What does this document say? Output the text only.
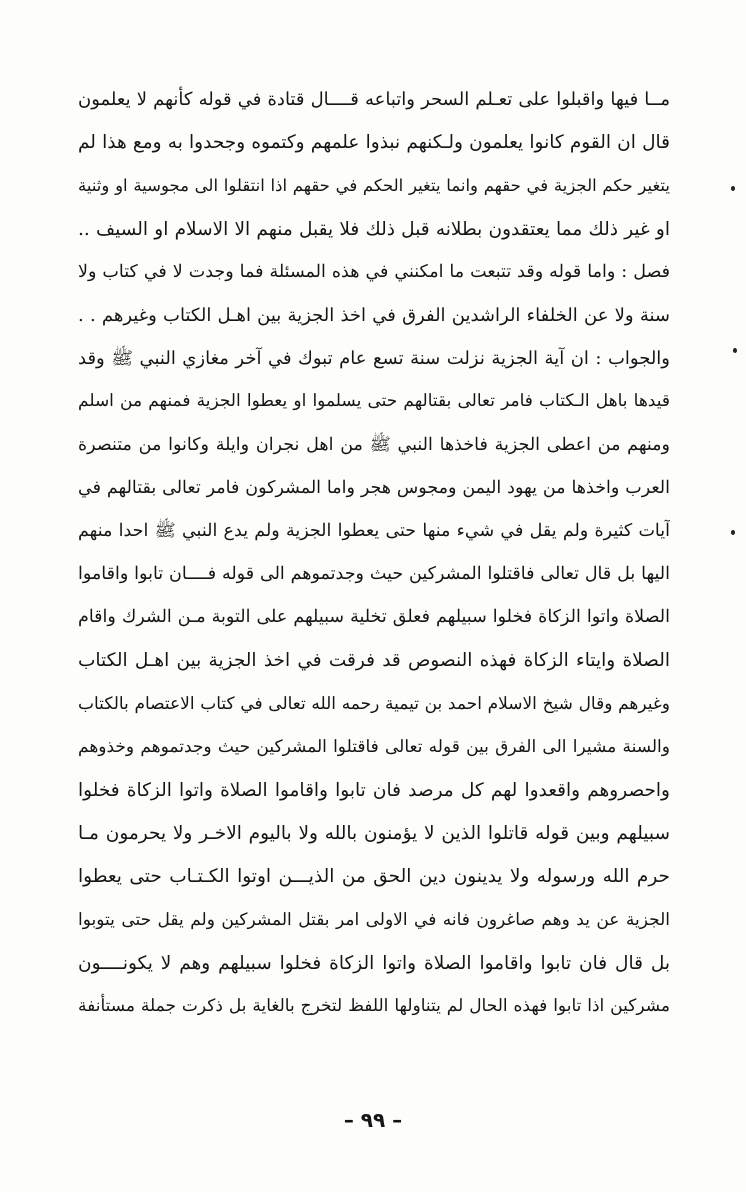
مــا فيها واقبلوا على تعـلم السحر واتباعه قــــال قتادة في قوله كأنهم لا يعلمون
قال ان القوم كانوا يعلمون ولـكنهم نبذوا علمهم وكتموه وجحدوا به ومع هذا لم
يتغير حكم الجزية في حقهم وانما يتغير الحكم في حقهم اذا انتقلوا الى مجوسية او وثنية
او غير ذلك مما يعتقدون بطلانه قبل ذلك فلا يقبل منهم الا الاسلام او السيف ..
فصل : واما قوله وقد تتبعت ما امكنني في هذه المسئلة فما وجدت لا في كتاب ولا
سنة ولا عن الخلفاء الراشدين الفرق في اخذ الجزية بين اهـل الكتاب وغيرهم . .
والجواب : ان آية الجزية نزلت سنة تسع عام تبوك في آخر مغازي النبي ﷺ وقد
قيدها باهل الـكتاب فامر تعالى بقتالهم حتى يسلموا او يعطوا الجزية فمنهم من اسلم
ومنهم من اعطى الجزية فاخذها النبي ﷺ من اهل نجران وايلة وكانوا من متنصرة
العرب واخذها من يهود اليمن ومجوس هجر واما المشركون فامر تعالى بقتالهم في
آيات كثيرة ولم يقل في شيء منها حتى يعطوا الجزية ولم يدع النبي ﷺ احدا منهم
اليها بل قال تعالى فاقتلوا المشركين حيث وجدتموهم الى قوله فــــان تابوا واقاموا
الصلاة واتوا الزكاة فخلوا سبيلهم فعلق تخلية سبيلهم على التوبة مـن الشرك واقام
الصلاة وايتاء الزكاة فهذه النصوص قد فرقت في اخذ الجزية بين اهـل الكتاب
وغيرهم وقال شيخ الاسلام احمد بن تيمية رحمه الله تعالى في كتاب الاعتصام بالكتاب
والسنة مشيرا الى الفرق بين قوله تعالى فاقتلوا المشركين حيث وجدتموهم وخذوهم
واحصروهم واقعدوا لهم كل مرصد فان تابوا واقاموا الصلاة واتوا الزكاة فخلوا
سبيلهم وبين قوله قاتلوا الذين لا يؤمنون بالله ولا باليوم الاخـر ولا يحرمون مـا
حرم الله ورسوله ولا يدينون دين الحق من الذيـــن اوتوا الكـتـاب حتى يعطوا
الجزية عن يد وهم صاغرون فانه في الاولى امر بقتل المشركين ولم يقل حتى يتوبوا
بل قال فان تابوا واقاموا الصلاة واتوا الزكاة فخلوا سبيلهم وهم لا يكونــــون
مشركين اذا تابوا فهذه الحال لم يتناولها اللفظ لتخرج بالغاية بل ذكرت جملة مستأنفة
– ٩٩ –
